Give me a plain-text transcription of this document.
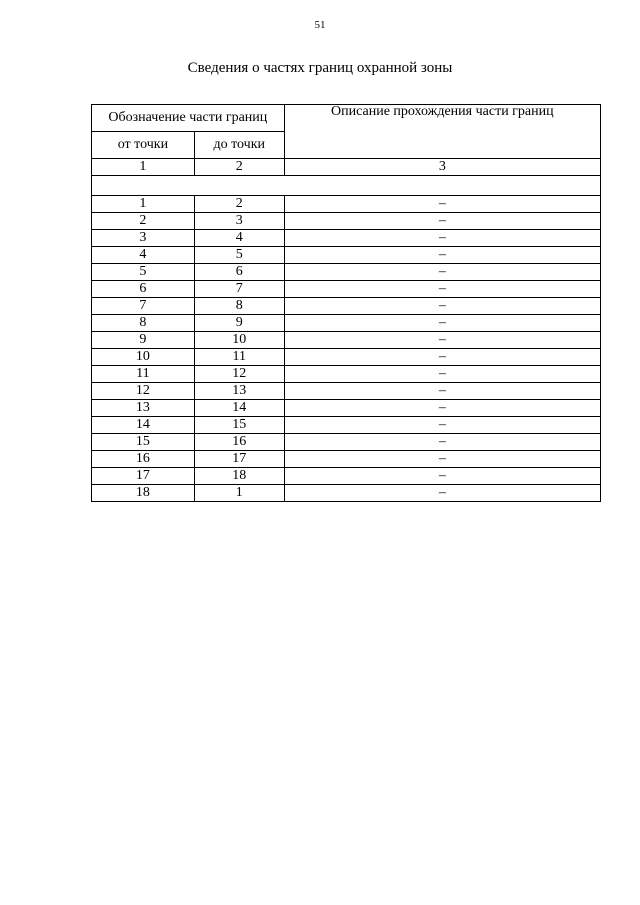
51
Сведения о частях границ охранной зоны
Обозначение части границ		Описание прохождения части границ
от точки	до точки	
1	2	3

1	2	–
2	3	–
3	4	–
4	5	–
5	6	–
6	7	–
7	8	–
8	9	–
9	10	–
10	11	–
11	12	–
12	13	–
13	14	–
14	15	–
15	16	–
16	17	–
17	18	–
18	1	–
